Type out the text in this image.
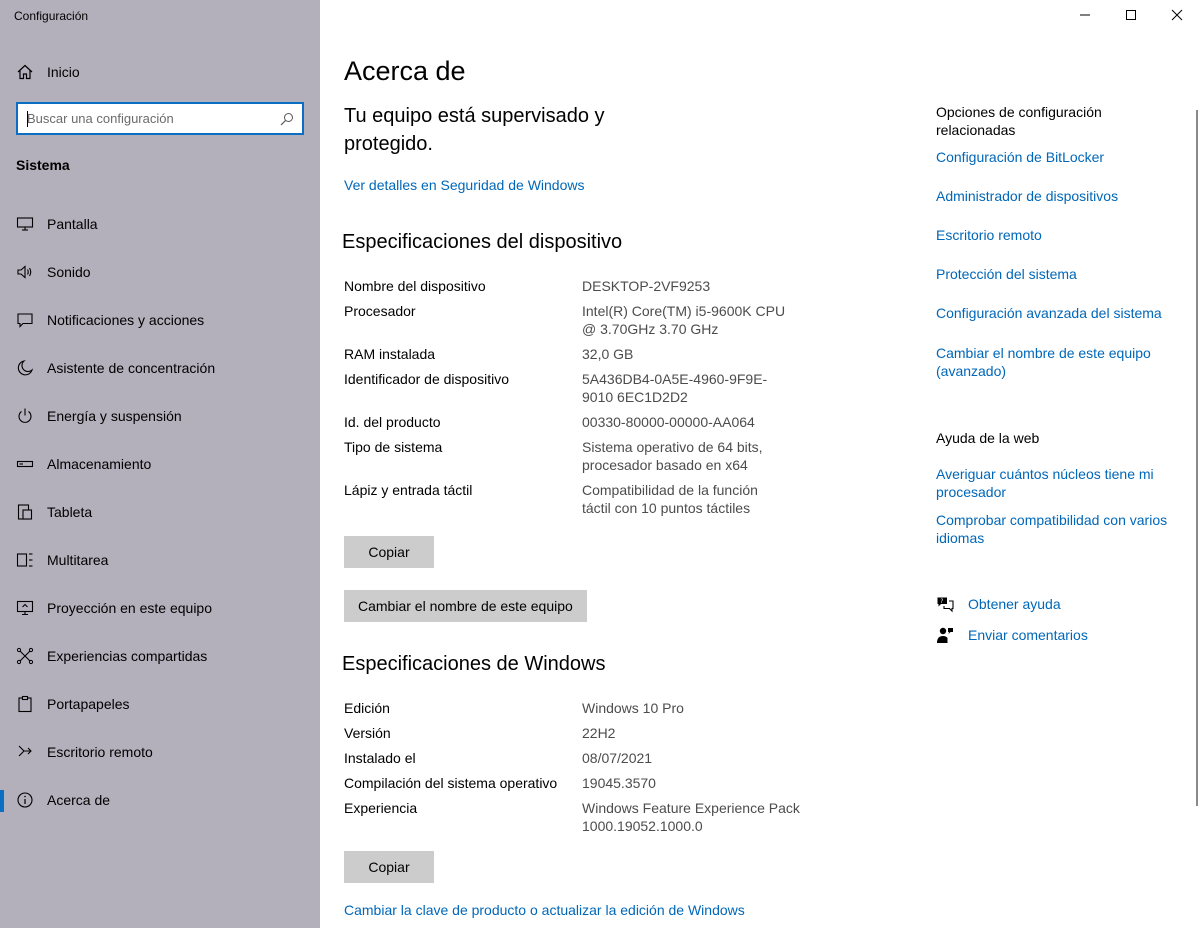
Configuración
Inicio
Buscar una configuración
Sistema
Pantalla
Sonido
Notificaciones y acciones
Asistente de concentración
Energía y suspensión
Almacenamiento
Tableta
Multitarea
Proyección en este equipo
Experiencias compartidas
Portapapeles
Escritorio remoto
Acerca de
Acerca de
Tu equipo está supervisado y protegido.
Ver detalles en Seguridad de Windows
Especificaciones del dispositivo
Nombre del dispositivo	DESKTOP-2VF9253
Procesador	Intel(R) Core(TM) i5-9600K CPU @ 3.70GHz 3.70 GHz
RAM instalada	32,0 GB
Identificador de dispositivo	5A436DB4-0A5E-4960-9F9E-9010 6EC1D2D2
Id. del producto	00330-80000-00000-AA064
Tipo de sistema	Sistema operativo de 64 bits, procesador basado en x64
Lápiz y entrada táctil	Compatibilidad de la función táctil con 10 puntos táctiles
Copiar
Cambiar el nombre de este equipo
Especificaciones de Windows
Edición	Windows 10 Pro
Versión	22H2
Instalado el	08/07/2021
Compilación del sistema operativo	19045.3570
Experiencia	Windows Feature Experience Pack 1000.19052.1000.0
Copiar
Cambiar la clave de producto o actualizar la edición de Windows
Opciones de configuración relacionadas
Configuración de BitLocker
Administrador de dispositivos
Escritorio remoto
Protección del sistema
Configuración avanzada del sistema
Cambiar el nombre de este equipo (avanzado)
Ayuda de la web
Averiguar cuántos núcleos tiene mi procesador
Comprobar compatibilidad con varios idiomas
? Obtener ayuda
Enviar comentarios
